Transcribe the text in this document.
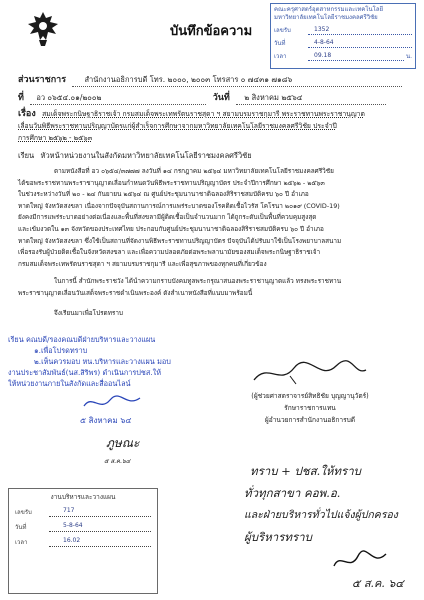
บันทึกข้อความ
คณะครุศาสตร์อุตสาหกรรมและเทคโนโลยี
มหาวิทยาลัยเทคโนโลยีราชมงคลศรีวิชัย
เลขรับ	1352
วันที่	4-8-64
เวลา	09.18	น.
ส่วนราชการ สำนักงานอธิการบดี โทร. ๒๐๐๐, ๒๐๐๓ โทรสาร ๐ ๗๔๓๑ ๗๑๘๖
ที่ อว ๐๖๕๔.๐๑/๒๐๐๒	วันที่ ๒ สิงหาคม ๒๕๖๔
เรื่อง สมเด็จพระกนิษฐาธิราชเจ้า กรมสมเด็จพระเทพรัตนราชสุดา ฯ สยามบรมราชกุมารี พระราชทานพระราชานุญาต
เลื่อนวันพิธีพระราชทานปริญญาบัตรแก่ผู้สำเร็จการศึกษาจากมหาวิทยาลัยเทคโนโลยีราชมงคลศรีวิชัย ประจำปี
การศึกษา ๒๕๖๒ - ๒๕๖๓
เรียน หัวหน้าหน่วยงานในสังกัดมหาวิทยาลัยเทคโนโลยีราชมงคลศรีวิชัย
ตามหนังสือที่ อว ๐๖๕๔/๓๗๗๗ ลงวันที่ ๑๔ กรกฎาคม ๒๕๖๔ มหาวิทยาลัยเทคโนโลยีราชมงคลศรีวิชัย
ได้ขอพระราชทานพระราชานุญาตเลื่อนกำหนดวันพิธีพระราชทานปริญญาบัตร ประจำปีการศึกษา ๒๕๖๒ - ๒๕๖๓
ในช่วงระหว่างวันที่ ๒๐ - ๒๔ กันยายน ๒๕๖๔ ณ ศูนย์ประชุมนานาชาติฉลองสิริราชสมบัติครบ ๖๐ ปี อำเภอ
หาดใหญ่ จังหวัดสงขลา เนื่องจากปัจจุบันสถานการณ์การแพร่ระบาดของโรคติดเชื้อไวรัส โคโรนา ๒๐๑๙ (COVID-19)
ยังคงมีการแพร่ระบาดอย่างต่อเนื่องและพื้นที่สงขลามีผู้ติดเชื้อเป็นจำนวนมาก ได้ถูกระดับเป็นพื้นที่ควบคุมสูงสุด
และเข้มงวดใน ๑๓ จังหวัดของประเทศไทย ประกอบกับศูนย์ประชุมนานาชาติฉลองสิริราชสมบัติครบ ๖๐ ปี อำเภอ
หาดใหญ่ จังหวัดสงขลา ซึ่งใช้เป็นสถานที่จัดงานพิธีพระราชทานปริญญาบัตร ปัจจุบันได้ปรับมาใช้เป็นโรงพยาบาลสนาม
เพื่อรองรับผู้ป่วยติดเชื้อในจังหวัดสงขลา และเพื่อความปลอดภัยต่อพระพลานามัยของสมเด็จพระกนิษฐาธิราชเจ้า
กรมสมเด็จพระเทพรัตนราชสุดา ฯ สยามบรมราชกุมารี และเพื่อสุขภาพของทุกคนที่เกี่ยวข้อง
ในการนี้ สำนักพระราชวัง ได้นำความกราบบังคมทูลพระกรุณาสนองพระราชานุญาตแล้ว ทรงพระราชทาน
พระราชานุญาตเลื่อนวันเสด็จพระราชดำเนินพระองค์ ดังสำเนาหนังสือที่แนบมาพร้อมนี้
จึงเรียนมาเพื่อโปรดทราบ
(ผู้ช่วยศาสตราจารย์สิทธิชัย บุญญานุวัตร์)
รักษาราชการแทน
ผู้อำนวยการสำนักงานอธิการบดี
เรียน คณบดี/รองคณบดีฝ่ายบริหารและวางแผน
๑.เพื่อโปรดทราบ
๒.เห็นควรมอบ หน.บริหารและวางแผน มอบ
งานประชาสัมพันธ์(นส.สิริพร) ดำเนินการปชส.ให้
ให้หน่วยงานภายในสังกัดและสื่ออนไลน์
๕ สิงหาคม ๖๔
ภูษณะ
๕ ส.ค.๖๔
งานบริหารและวางแผน
เลขรับ	717
วันที่	5-8-64
เวลา	16.02
ทราบ + ปชส.ให้ทราบ
ทั่วทุกสาขา คอพ.อ.
และฝ่ายบริหารทั่วไปแจ้งผู้ปกครอง
ผู้บริหารทราบ
๕ ส.ค. ๖๔
